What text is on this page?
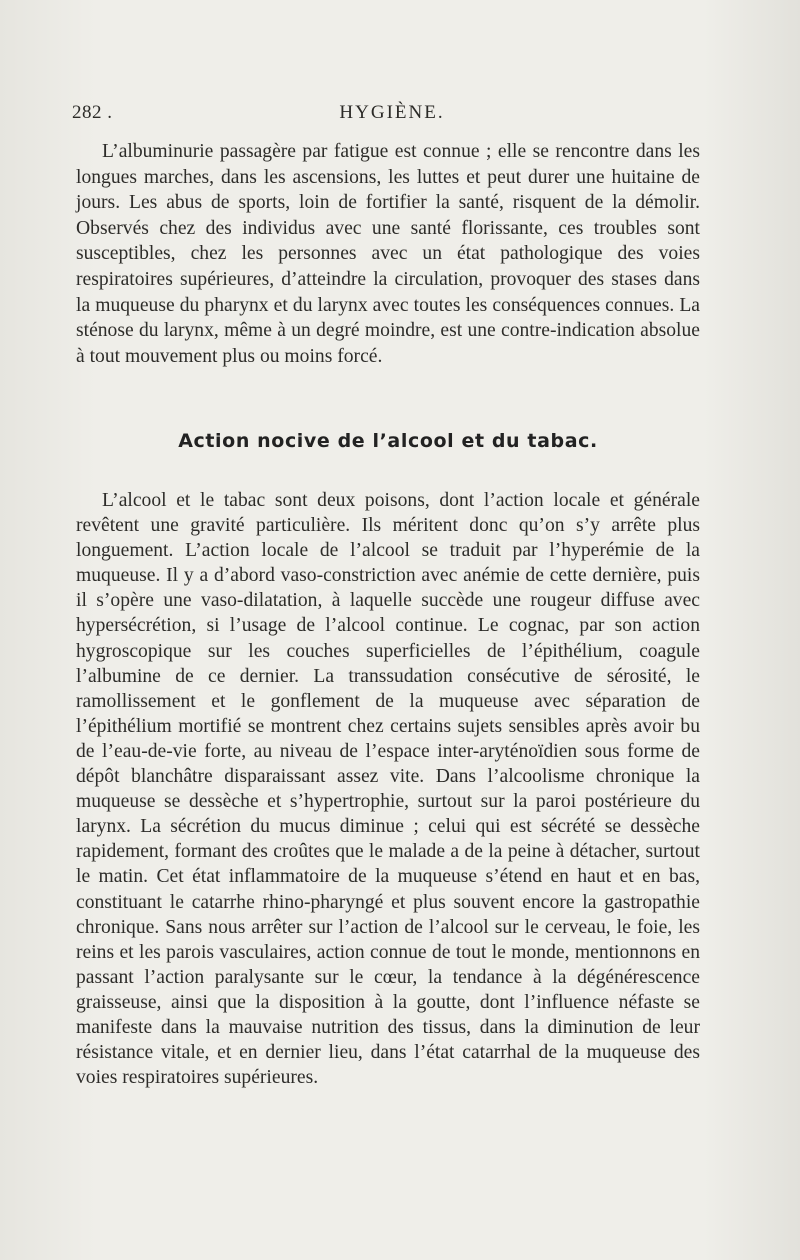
282 .	HYGIÈNE.

L’albuminurie passagère par fatigue est connue ; elle se rencontre dans les longues marches, dans les ascensions, les luttes et peut durer une huitaine de jours. Les abus de sports, loin de fortifier la santé, risquent de la démolir. Observés chez des individus avec une santé florissante, ces troubles sont susceptibles, chez les personnes avec un état pathologique des voies respiratoires supérieures, d’atteindre la circulation, provoquer des stases dans la muqueuse du pharynx et du larynx avec toutes les conséquences connues. La sténose du larynx, même à un degré moindre, est une contre-indication absolue à tout mouvement plus ou moins forcé.

Action nocive de l’alcool et du tabac.

L’alcool et le tabac sont deux poisons, dont l’action locale et générale revêtent une gravité particulière. Ils méritent donc qu’on s’y arrête plus longuement. L’action locale de l’alcool se traduit par l’hyperémie de la muqueuse. Il y a d’abord vaso-constriction avec anémie de cette dernière, puis il s’opère une vaso-dilatation, à laquelle succède une rougeur diffuse avec hypersécrétion, si l’usage de l’alcool continue. Le cognac, par son action hygroscopique sur les couches superficielles de l’épithélium, coagule l’albumine de ce dernier. La transsudation consécutive de sérosité, le ramollissement et le gonflement de la muqueuse avec séparation de l’épithélium mortifié se montrent chez certains sujets sensibles après avoir bu de l’eau-de-vie forte, au niveau de l’espace inter-aryténoïdien sous forme de dépôt blanchâtre disparaissant assez vite. Dans l’alcoolisme chronique la muqueuse se dessèche et s’hypertrophie, surtout sur la paroi postérieure du larynx. La sécrétion du mucus diminue ; celui qui est sécrété se dessèche rapidement, formant des croûtes que le malade a de la peine à détacher, surtout le matin. Cet état inflammatoire de la muqueuse s’étend en haut et en bas, constituant le catarrhe rhino-pharyngé et plus souvent encore la gastropathie chronique. Sans nous arrêter sur l’action de l’alcool sur le cerveau, le foie, les reins et les parois vasculaires, action connue de tout le monde, mentionnons en passant l’action paralysante sur le cœur, la tendance à la dégénérescence graisseuse, ainsi que la disposition à la goutte, dont l’influence néfaste se manifeste dans la mauvaise nutrition des tissus, dans la diminution de leur résistance vitale, et en dernier lieu, dans l’état catarrhal de la muqueuse des voies respiratoires supérieures.
